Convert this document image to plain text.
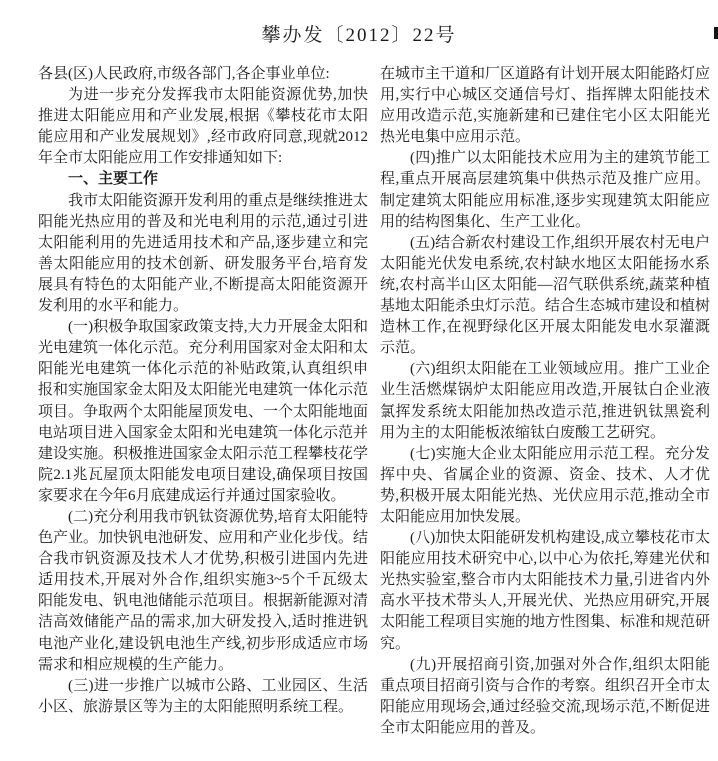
攀办发〔2012〕22号

各县(区)人民政府,市级各部门,各企事业单位:

为进一步充分发挥我市太阳能资源优势,加快推进太阳能应用和产业发展,根据《攀枝花市太阳能应用和产业发展规划》,经市政府同意,现就2012年全市太阳能应用工作安排通知如下:

一、主要工作

我市太阳能资源开发利用的重点是继续推进太阳能光热应用的普及和光电利用的示范,通过引进太阳能利用的先进适用技术和产品,逐步建立和完善太阳能应用的技术创新、研发服务平台,培育发展具有特色的太阳能产业,不断提高太阳能资源开发利用的水平和能力。

(一)积极争取国家政策支持,大力开展金太阳和光电建筑一体化示范。充分利用国家对金太阳和太阳能光电建筑一体化示范的补贴政策,认真组织申报和实施国家金太阳及太阳能光电建筑一体化示范项目。争取两个太阳能屋顶发电、一个太阳能地面电站项目进入国家金太阳和光电建筑一体化示范并建设实施。积极推进国家金太阳示范工程攀枝花学院2.1兆瓦屋顶太阳能发电项目建设,确保项目按国家要求在今年6月底建成运行并通过国家验收。

(二)充分利用我市钒钛资源优势,培育太阳能特色产业。加快钒电池研发、应用和产业化步伐。结合我市钒资源及技术人才优势,积极引进国内先进适用技术,开展对外合作,组织实施3~5个千瓦级太阳能发电、钒电池储能示范项目。根据新能源对清洁高效储能产品的需求,加大研发投入,适时推进钒电池产业化,建设钒电池生产线,初步形成适应市场需求和相应规模的生产能力。

(三)进一步推广以城市公路、工业园区、生活小区、旅游景区等为主的太阳能照明系统工程。

在城市主干道和厂区道路有计划开展太阳能路灯应用,实行中心城区交通信号灯、指挥牌太阳能技术应用改造示范,实施新建和已建住宅小区太阳能光热光电集中应用示范。

(四)推广以太阳能技术应用为主的建筑节能工程,重点开展高层建筑集中供热示范及推广应用。制定建筑太阳能应用标准,逐步实现建筑太阳能应用的结构图集化、生产工业化。

(五)结合新农村建设工作,组织开展农村无电户太阳能光伏发电系统,农村缺水地区太阳能扬水系统,农村高半山区太阳能—沼气联供系统,蔬菜种植基地太阳能杀虫灯示范。结合生态城市建设和植树造林工作,在视野绿化区开展太阳能发电水泵灌溉示范。

(六)组织太阳能在工业领域应用。推广工业企业生活燃煤锅炉太阳能应用改造,开展钛白企业液氯挥发系统太阳能加热改造示范,推进钒钛黑瓷利用为主的太阳能板浓缩钛白废酸工艺研究。

(七)实施大企业太阳能应用示范工程。充分发挥中央、省属企业的资源、资金、技术、人才优势,积极开展太阳能光热、光伏应用示范,推动全市太阳能应用加快发展。

(八)加快太阳能研发机构建设,成立攀枝花市太阳能应用技术研究中心,以中心为依托,筹建光伏和光热实验室,整合市内太阳能技术力量,引进省内外高水平技术带头人,开展光伏、光热应用研究,开展太阳能工程项目实施的地方性图集、标准和规范研究。

(九)开展招商引资,加强对外合作,组织太阳能重点项目招商引资与合作的考察。组织召开全市太阳能应用现场会,通过经验交流,现场示范,不断促进全市太阳能应用的普及。
